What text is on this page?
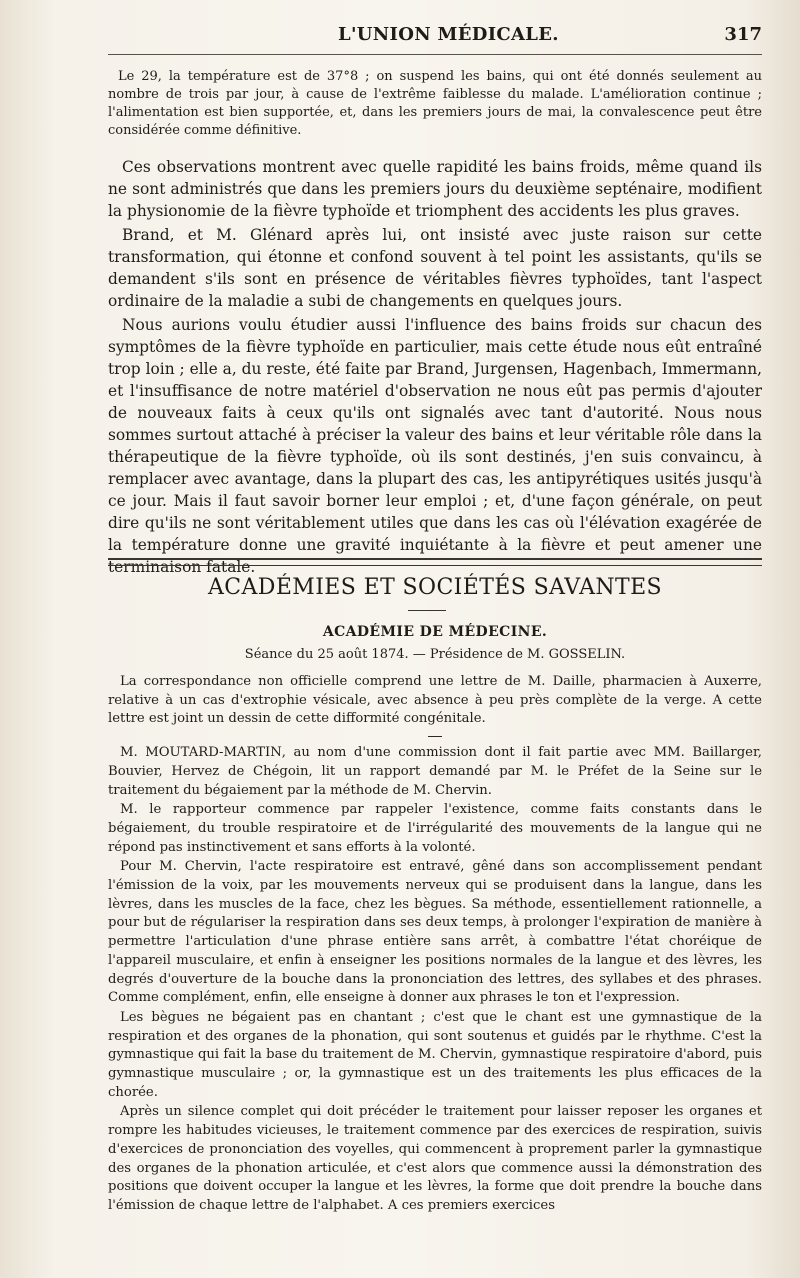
L'UNION MÉDICALE.	317

Le 29, la température est de 37°8 ; on suspend les bains, qui ont été donnés seulement au nombre de trois par jour, à cause de l'extrême faiblesse du malade. L'amélioration continue ; l'alimentation est bien supportée, et, dans les premiers jours de mai, la convalescence peut être considérée comme définitive.

Ces observations montrent avec quelle rapidité les bains froids, même quand ils ne sont administrés que dans les premiers jours du deuxième septénaire, modifient la physionomie de la fièvre typhoïde et triomphent des accidents les plus graves.

Brand, et M. Glénard après lui, ont insisté avec juste raison sur cette transformation, qui étonne et confond souvent à tel point les assistants, qu'ils se demandent s'ils sont en présence de véritables fièvres typhoïdes, tant l'aspect ordinaire de la maladie a subi de changements en quelques jours.

Nous aurions voulu étudier aussi l'influence des bains froids sur chacun des symptômes de la fièvre typhoïde en particulier, mais cette étude nous eût entraîné trop loin ; elle a, du reste, été faite par Brand, Jurgensen, Hagenbach, Immermann, et l'insuffisance de notre matériel d'observation ne nous eût pas permis d'ajouter de nouveaux faits à ceux qu'ils ont signalés avec tant d'autorité. Nous nous sommes surtout attaché à préciser la valeur des bains et leur véritable rôle dans la thérapeutique de la fièvre typhoïde, où ils sont destinés, j'en suis convaincu, à remplacer avec avantage, dans la plupart des cas, les antipyrétiques usités jusqu'à ce jour. Mais il faut savoir borner leur emploi ; et, d'une façon générale, on peut dire qu'ils ne sont véritablement utiles que dans les cas où l'élévation exagérée de la température donne une gravité inquiétante à la fièvre et peut amener une terminaison fatale.

ACADÉMIES ET SOCIÉTÉS SAVANTES
ACADÉMIE DE MÉDECINE.
Séance du 25 août 1874. — Présidence de M. GOSSELIN.

La correspondance non officielle comprend une lettre de M. Daille, pharmacien à Auxerre, relative à un cas d'extrophie vésicale, avec absence à peu près complète de la verge. A cette lettre est joint un dessin de cette difformité congénitale.

M. MOUTARD-MARTIN, au nom d'une commission dont il fait partie avec MM. Baillarger, Bouvier, Hervez de Chégoin, lit un rapport demandé par M. le Préfet de la Seine sur le traitement du bégaiement par la méthode de M. Chervin.

M. le rapporteur commence par rappeler l'existence, comme faits constants dans le bégaiement, du trouble respiratoire et de l'irrégularité des mouvements de la langue qui ne répond pas instinctivement et sans efforts à la volonté.

Pour M. Chervin, l'acte respiratoire est entravé, gêné dans son accomplissement pendant l'émission de la voix, par les mouvements nerveux qui se produisent dans la langue, dans les lèvres, dans les muscles de la face, chez les bègues. Sa méthode, essentiellement rationnelle, a pour but de régulariser la respiration dans ses deux temps, à prolonger l'expiration de manière à permettre l'articulation d'une phrase entière sans arrêt, à combattre l'état choréique de l'appareil musculaire, et enfin à enseigner les positions normales de la langue et des lèvres, les degrés d'ouverture de la bouche dans la prononciation des lettres, des syllabes et des phrases. Comme complément, enfin, elle enseigne à donner aux phrases le ton et l'expression.

Les bègues ne bégaient pas en chantant ; c'est que le chant est une gymnastique de la respiration et des organes de la phonation, qui sont soutenus et guidés par le rhythme. C'est la gymnastique qui fait la base du traitement de M. Chervin, gymnastique respiratoire d'abord, puis gymnastique musculaire ; or, la gymnastique est un des traitements les plus efficaces de la chorée.

Après un silence complet qui doit précéder le traitement pour laisser reposer les organes et rompre les habitudes vicieuses, le traitement commence par des exercices de respiration, suivis d'exercices de prononciation des voyelles, qui commencent à proprement parler la gymnastique des organes de la phonation articulée, et c'est alors que commence aussi la démonstration des positions que doivent occuper la langue et les lèvres, la forme que doit prendre la bouche dans l'émission de chaque lettre de l'alphabet. A ces premiers exercices
